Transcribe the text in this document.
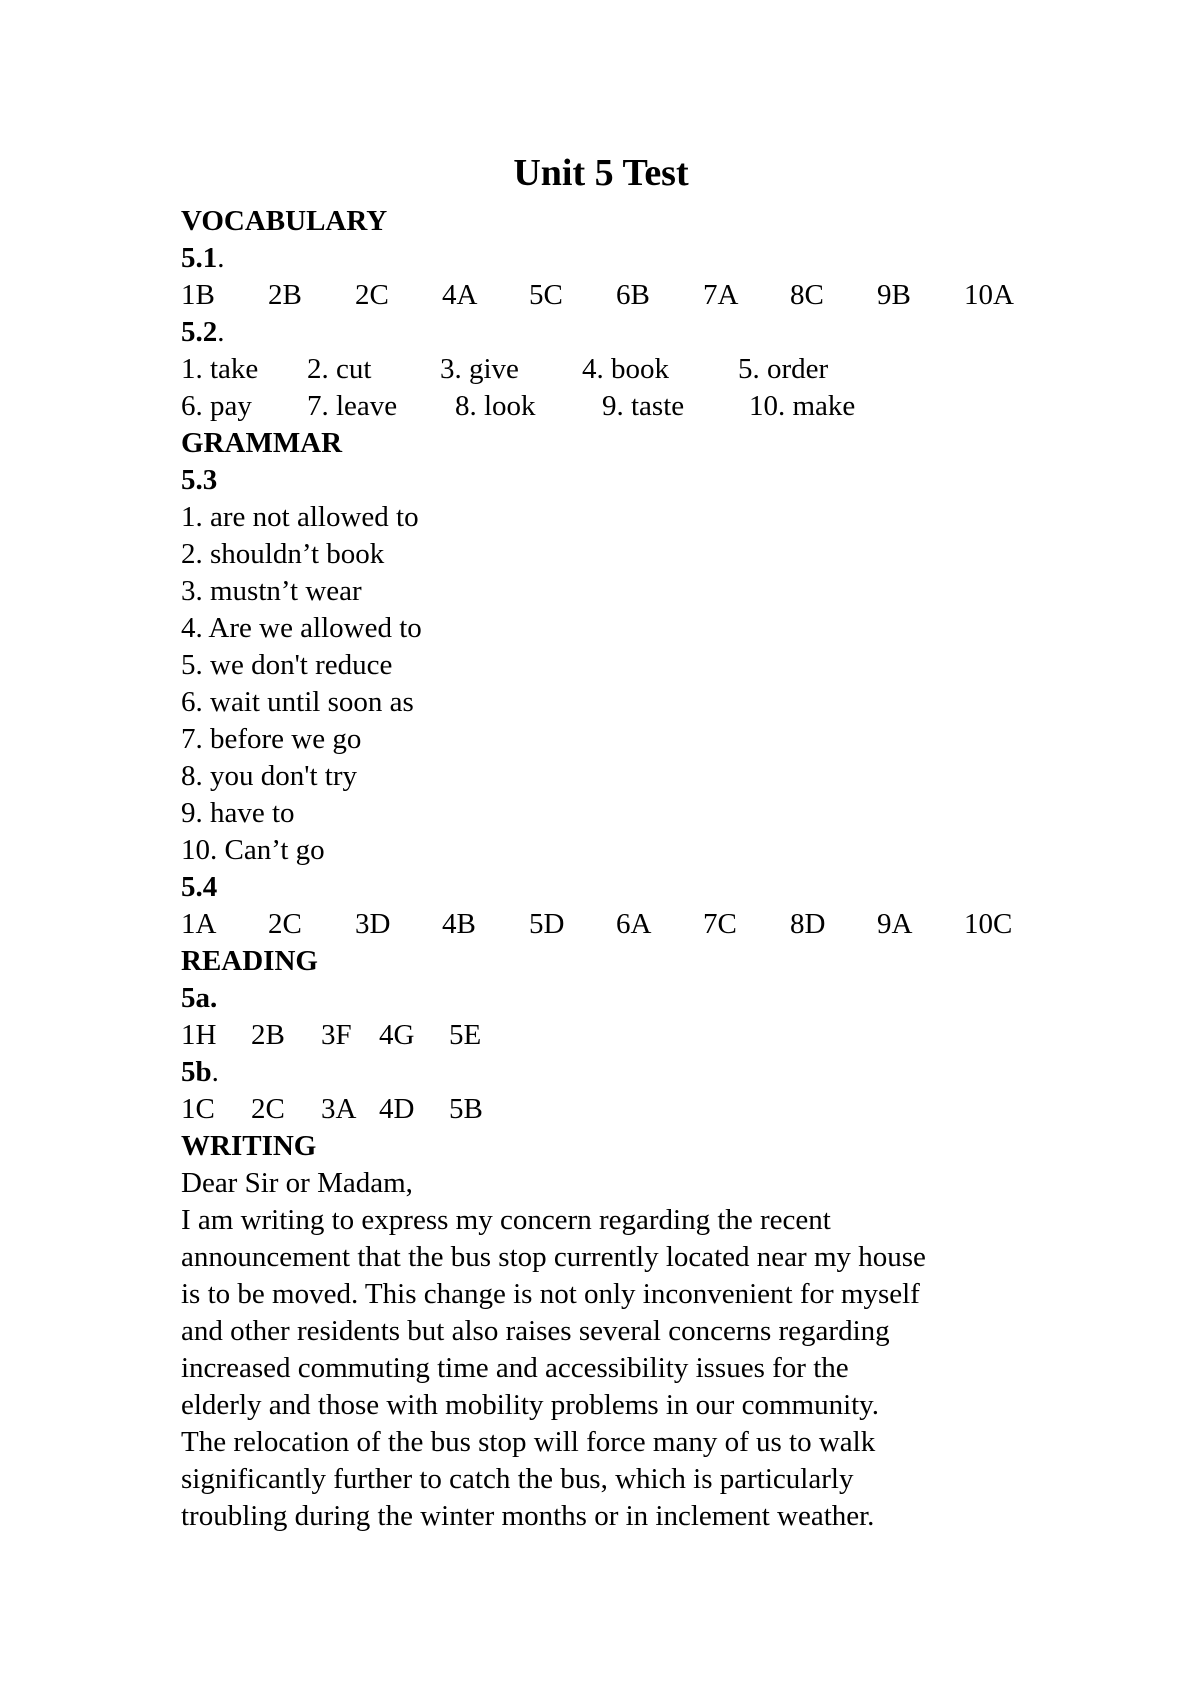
Unit 5 Test
VOCABULARY
5.1.
1B	2B	2C	4A	5C	6B	7A	8C	9B	10A
5.2.
1. take	2. cut	3. give	4. book	5. order
6. pay	7. leave	8. look	9. taste	10. make
GRAMMAR
5.3
1. are not allowed to
2. shouldn’t book
3. mustn’t wear
4. Are we allowed to
5. we don't reduce
6. wait until soon as
7. before we go
8. you don't try
9. have to
10. Can’t go
5.4
1A	2C	3D	4B	5D	6A	7C	8D	9A	10C
READING
5a.
1H	2B	3F 4G	5E
5b.
1C	2C	3A 4D	5B
WRITING
Dear Sir or Madam,
I am writing to express my concern regarding the recent
announcement that the bus stop currently located near my house
is to be moved. This change is not only inconvenient for myself
and other residents but also raises several concerns regarding
increased commuting time and accessibility issues for the
elderly and those with mobility problems in our community.
The relocation of the bus stop will force many of us to walk
significantly further to catch the bus, which is particularly
troubling during the winter months or in inclement weather.
